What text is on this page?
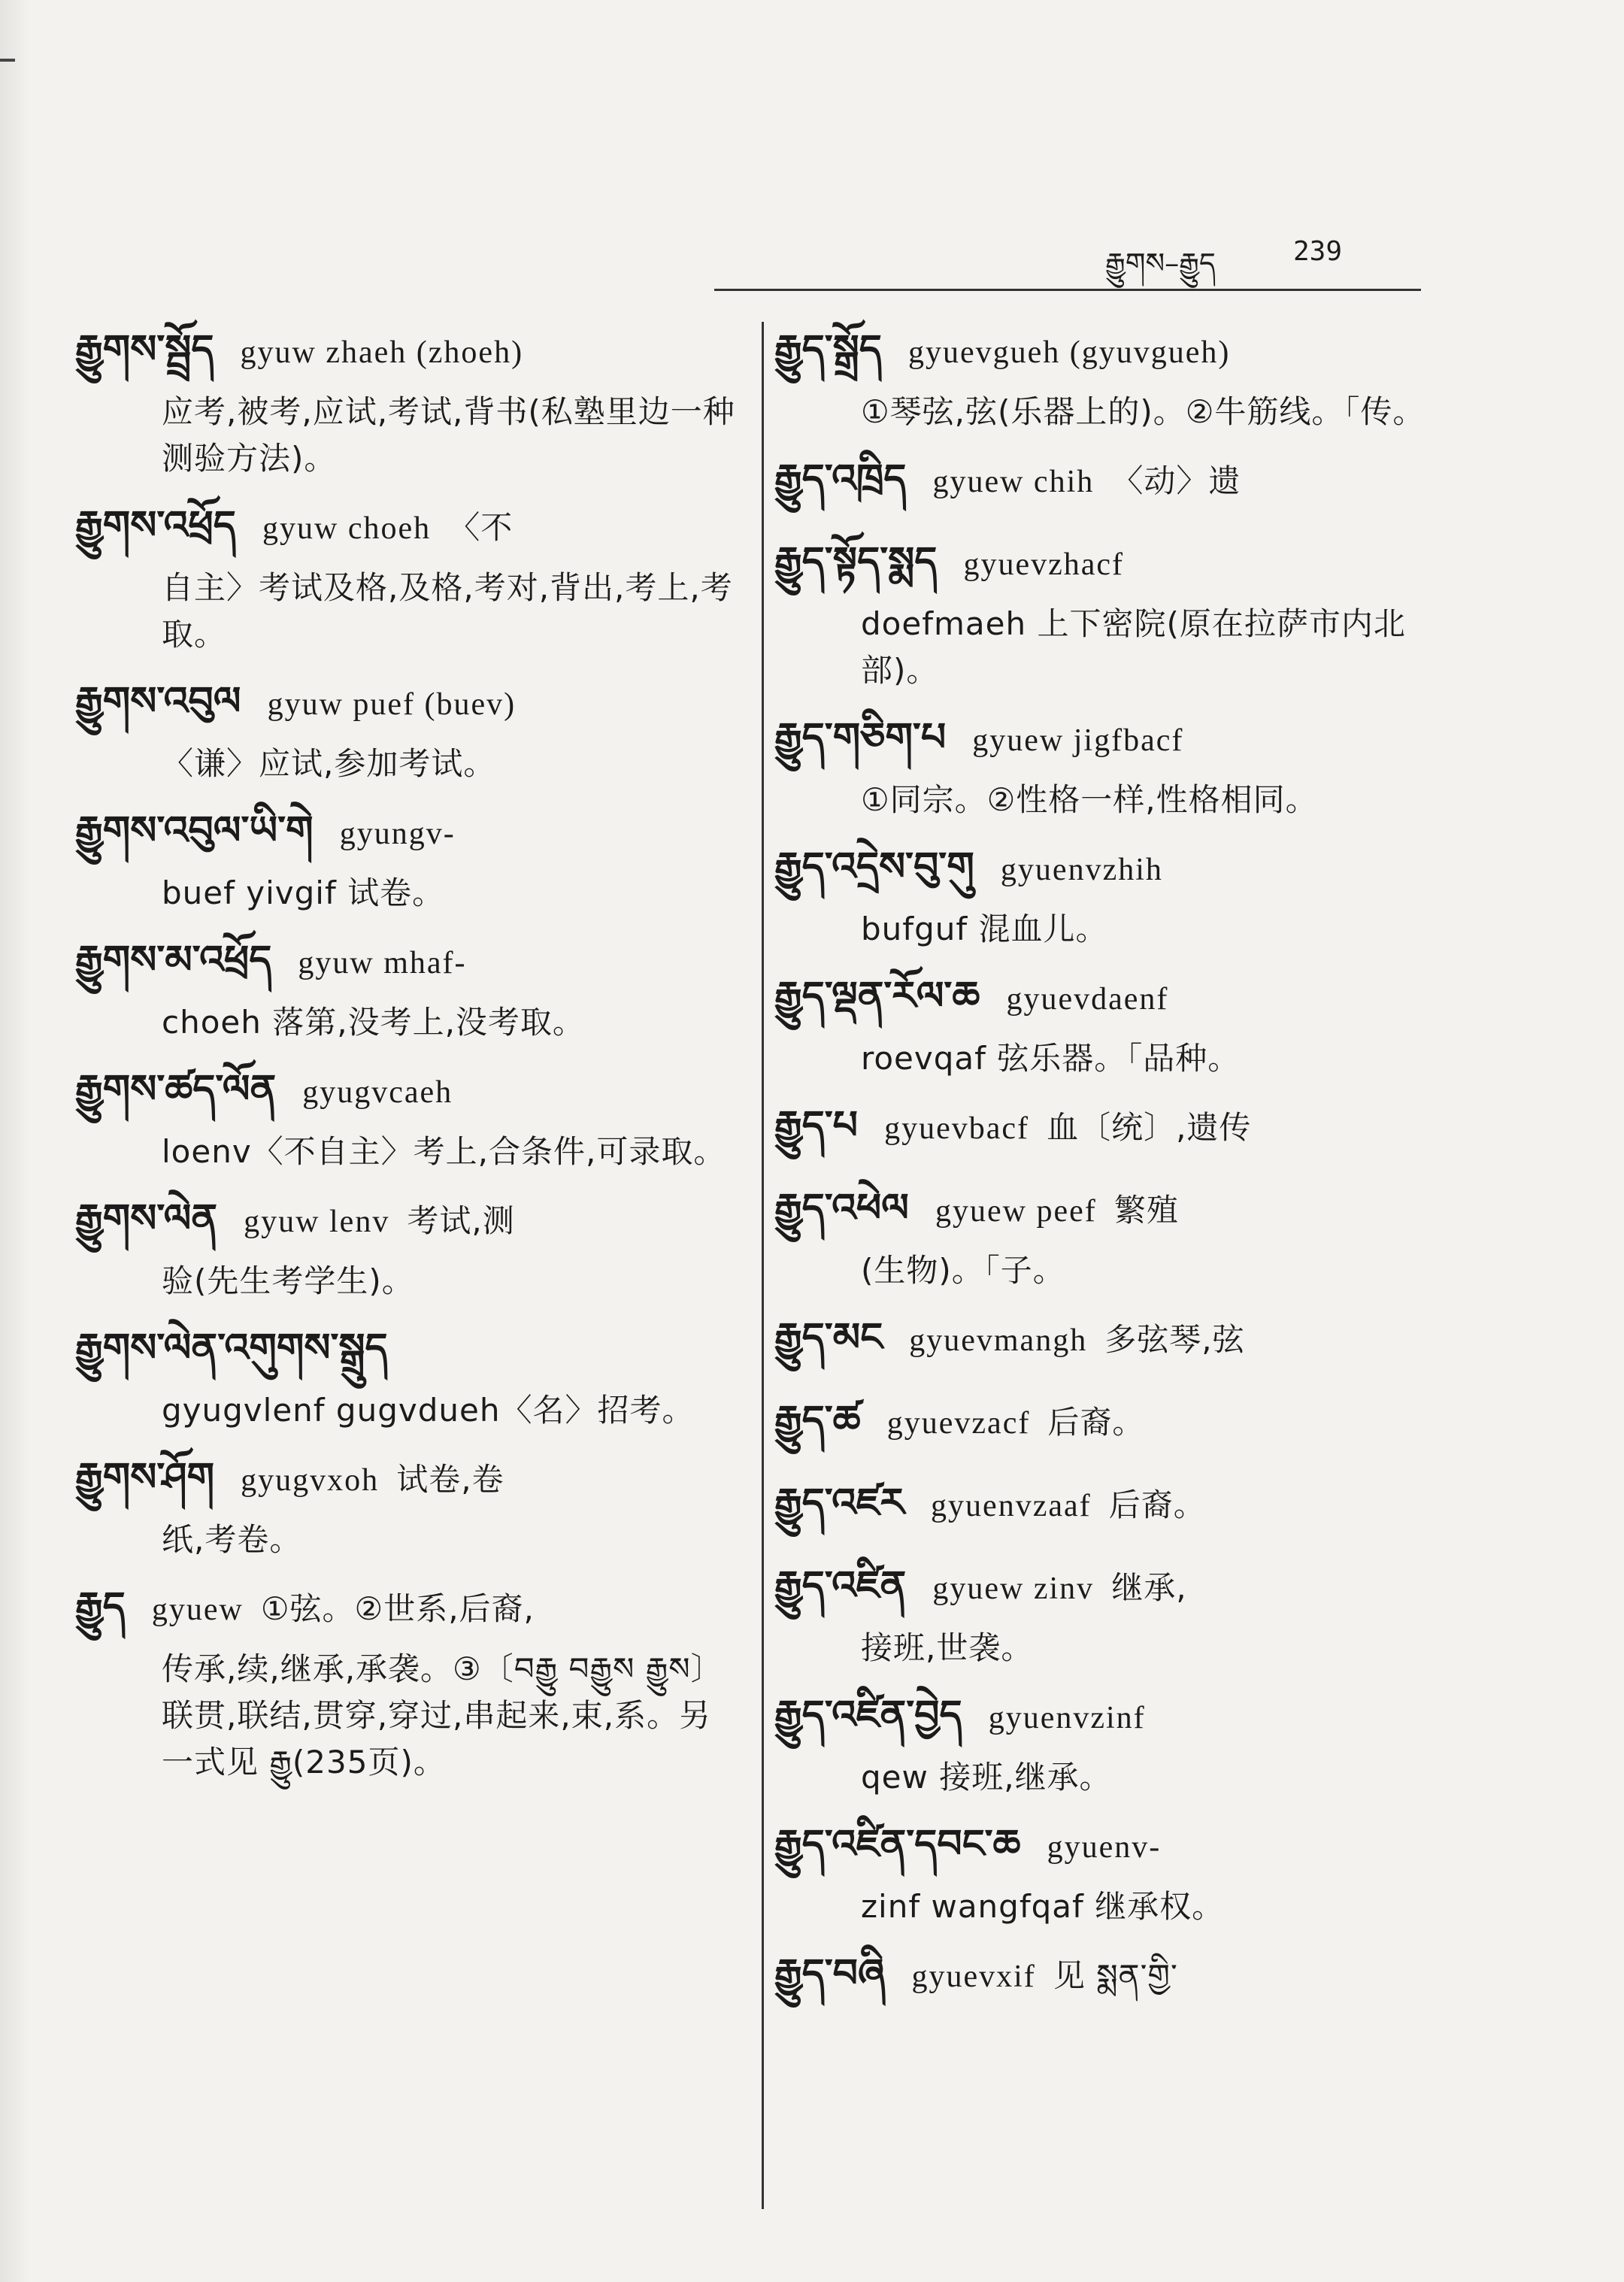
རྒྱུགས–རྒྱུད	239
རྒྱུགས་སྦྲོད gyuw zhaeh (zhoeh)
应考,被考,应试,考试,背书(私塾里边一种测验方法)。
རྒྱུགས་འཕྲོད gyuw choeh 〈不
自主〉考试及格,及格,考对,背出,考上,考取。
རྒྱུགས་འབུལ gyuw puef (buev)
〈谦〉应试,参加考试。
རྒྱུགས་འབུལ་ཡི་གེ gyungv-
buef yivgif 试卷。
རྒྱུགས་མ་འཕྲོད gyuw mhaf-
choeh 落第,没考上,没考取。
རྒྱུགས་ཚད་ལོན gyugvcaeh
loenv〈不自主〉考上,合条件,可录取。
རྒྱུགས་ལེན gyuw lenv 考试,测
验(先生考学生)。
རྒྱུགས་ལེན་འགུགས་སྒྲུད
gyugvlenf gugvdueh〈名〉招考。
རྒྱུགས་ཤོག gyugvxoh 试卷,卷
纸,考卷。
རྒྱུད gyuew ①弦。②世系,后裔,
传承,续,继承,承袭。③〔བརྒྱུ བརྒྱུས རྒྱུས〕联贯,联结,贯穿,穿过,串起来,束,系。另一式见 རྒྱུ(235页)。
རྒྱུད་སྒྲོད gyuevgueh (gyuvgueh)
①琴弦,弦(乐器上的)。②牛筋线。「传。
རྒྱུད་འཁྲིད gyuew chih 〈动〉遗
རྒྱུད་སྟོད་སྨད gyuevzhacf
doefmaeh 上下密院(原在拉萨市内北部)。
རྒྱུད་གཅིག་པ gyuew jigfbacf
①同宗。②性格一样,性格相同。
རྒྱུད་འདྲེས་བུ་གུ gyuenvzhih
bufguf 混血儿。
རྒྱུད་ལྡན་རོལ་ཆ gyuevdaenf
roevqaf 弦乐器。「品种。
རྒྱུད་པ gyuevbacf 血〔统〕,遗传
རྒྱུད་འཕེལ gyuew peef 繁殖
(生物)。「子。
རྒྱུད་མང gyuevmangh 多弦琴,弦
རྒྱུད་ཚ gyuevzacf 后裔。
རྒྱུད་འཛར gyuenvzaaf 后裔。
རྒྱུད་འཛིན gyuew zinv 继承,
接班,世袭。
རྒྱུད་འཛིན་བྱེད gyuenvzinf
qew 接班,继承。
རྒྱུད་འཛིན་དབང་ཆ gyuenv-
zinf wangfqaf 继承权。
རྒྱུད་བཞི gyuevxif 见 སྨན་གྱི་
